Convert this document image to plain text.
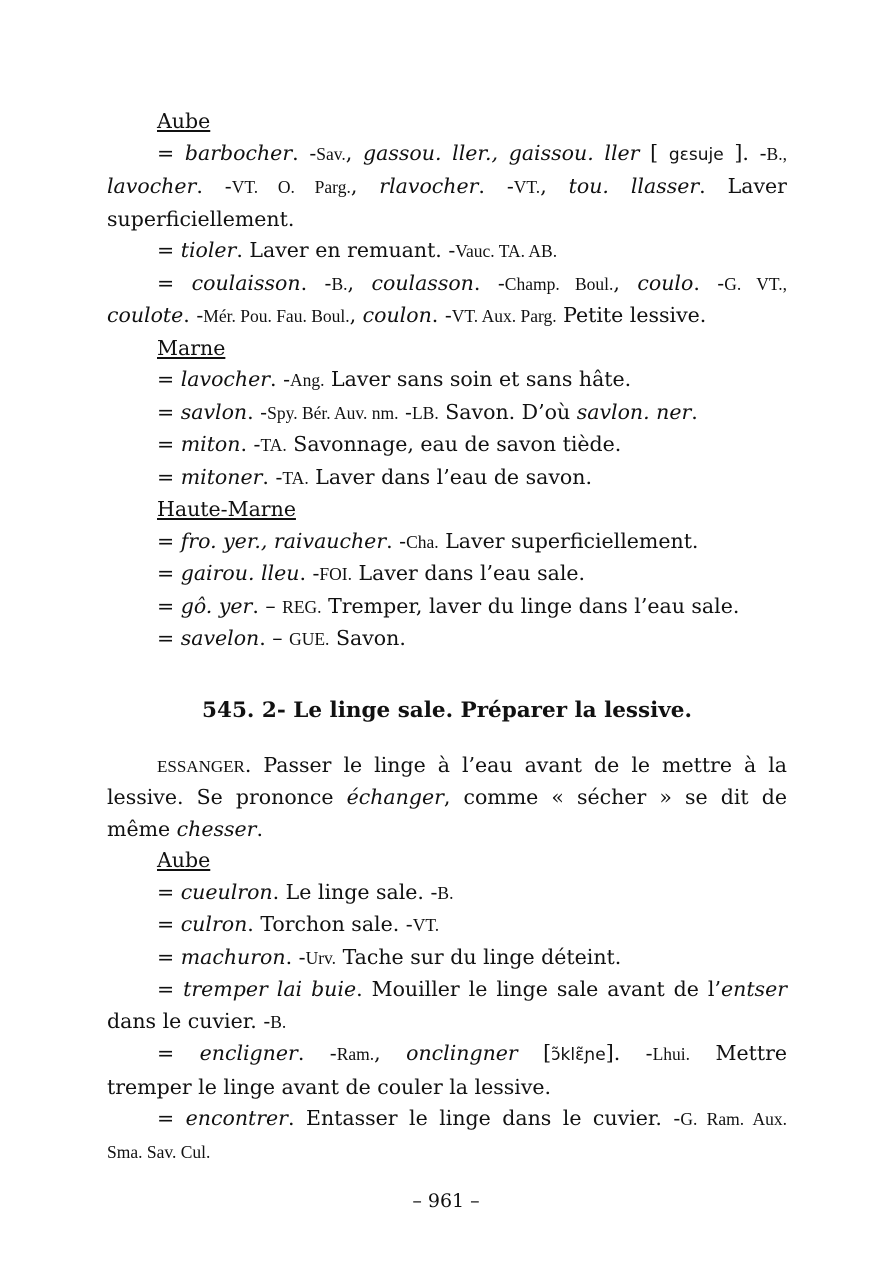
Aube
= barbocher. -Sav., gassou. ller., gaissou. ller [ gɛsuje ]. -B.,
lavocher. -VT. O. Parg., rlavocher. -VT., tou. llasser. Laver
superficiellement.
= tioler. Laver en remuant. -Vauc. TA. AB.
= coulaisson. -B., coulasson. -Champ. Boul., coulo. -G. VT.,
coulote. -Mér. Pou. Fau. Boul., coulon. -VT. Aux. Parg. Petite lessive.
Marne
= lavocher. -Ang. Laver sans soin et sans hâte.
= savlon. -Spy. Bér. Auv. nm. -LB. Savon. D’où savlon. ner.
= miton. -TA. Savonnage, eau de savon tiède.
= mitoner. -TA. Laver dans l’eau de savon.
Haute-Marne
= fro. yer., raivaucher. -Cha. Laver superficiellement.
= gairou. lleu. -FOI. Laver dans l’eau sale.
= gô. yer. – REG. Tremper, laver du linge dans l’eau sale.
= savelon. – GUE. Savon.
545. 2- Le linge sale. Préparer la lessive.
ESSANGER. Passer le linge à l’eau avant de le mettre à la
lessive. Se prononce échanger, comme « sécher » se dit de
même chesser.
Aube
= cueulron. Le linge sale. -B.
= culron. Torchon sale. -VT.
= machuron. -Urv. Tache sur du linge déteint.
= tremper lai buie. Mouiller le linge sale avant de l’entser
dans le cuvier. -B.
= encligner. -Ram., onclingner [ɔ̃klɛ̃ɲe]. -Lhui. Mettre
tremper le linge avant de couler la lessive.
= encontrer. Entasser le linge dans le cuvier. -G. Ram. Aux.
Sma. Sav. Cul.
– 961 –
